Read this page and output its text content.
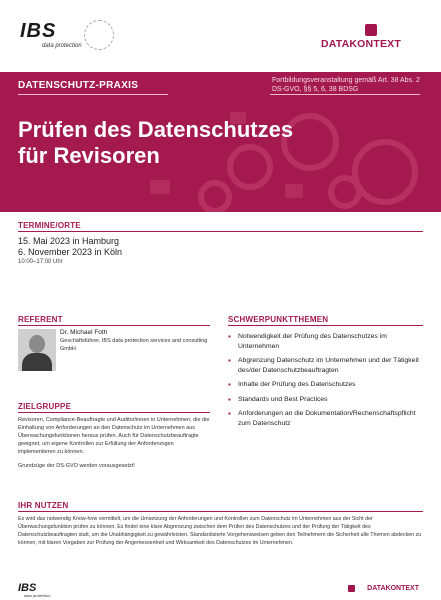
IBS
data protection	DATAKONTEXT
DATENSCHUTZ-PRAXIS	Fortbildungsveranstaltung gemäß Art. 38 Abs. 2 DS-GVO, §§ 5, 6, 38 BDSG
Prüfen des Datenschutzes
für Revisoren
TERMINE/ORTE
15. Mai 2023 in Hamburg
6. November 2023 in Köln
10:00–17:00 Uhr
REFERENT
Dr. Michael Foth
Geschäftsführer, IBS data protection services and consulting GmbH
ZIELGRUPPE

Revisoren, Compliance-Beauftragte und Auditor/innen in Unternehmen, die die Einhaltung von Anforderungen an den Datenschutz im Unternehmen aus Überwachungsfunktionen heraus prüfen. Auch für Datenschutzbeauftragte geeignet, um eigene Kontrollen zur Erfüllung der Anforderungen implementieren zu können.

Grundzüge der DS-GVO werden vorausgesetzt!

SCHWERPUNKTTHEMEN
▪ Notwendigkeit der Prüfung des Datenschutzes im Unternehmen
▪ Abgrenzung Datenschutz im Unternehmen und der Tätigkeit des/der Datenschutzbeauftragten
▪ Inhalte der Prüfung des Datenschutzes
▪ Standards und Best Practices
▪ Anforderungen an die Dokumentation/Rechenschaftspflicht zum Datenschutz
IHR NUTZEN

Es wird das notwendig Know-how vermittelt, um die Umsetzung der Anforderungen und Kontrollen zum Datenschutz im Unternehmen aus der Sicht der Überwachungsfunktion prüfen zu können. Es findet eine klare Abgrenzung zwischen dem Prüfen des Datenschutzes und der Prüfung der Tätigkeit des Datenschutzbeauftragten statt, um die Unabhängigkeit zu gewährleisten. Standardisierte Vorgehensweisen geben den Teilnehmern die Sicherheit alle Themen abdecken zu können, mit klaren Vorgaben zur Prüfung der Angemessenheit und Wirksamkeit des Datenschutzes im Unternehmen.

IBS
data protection
DATAKONTEXT
